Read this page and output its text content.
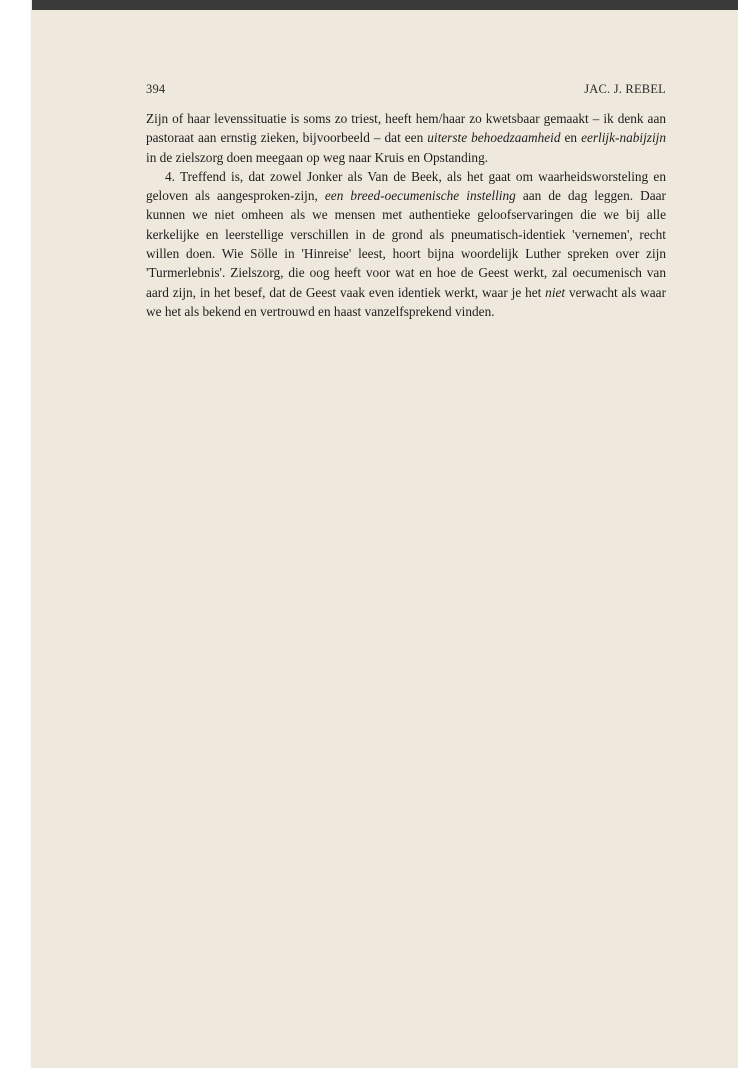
394	JAC. J. REBEL

Zijn of haar levenssituatie is soms zo triest, heeft hem/haar zo kwetsbaar gemaakt – ik denk aan pastoraat aan ernstig zieken, bijvoorbeeld – dat een uiterste behoedzaamheid en eerlijk-nabijzijn in de zielszorg doen meegaan op weg naar Kruis en Opstanding.

4. Treffend is, dat zowel Jonker als Van de Beek, als het gaat om waarheidsworsteling en geloven als aangesproken-zijn, een breed-oecumenische instelling aan de dag leggen. Daar kunnen we niet omheen als we mensen met authentieke geloofservaringen die we bij alle kerkelijke en leerstellige verschillen in de grond als pneumatisch-identiek 'vernemen', recht willen doen. Wie Sölle in 'Hinreise' leest, hoort bijna woordelijk Luther spreken over zijn 'Turmerlebnis'. Zielszorg, die oog heeft voor wat en hoe de Geest werkt, zal oecumenisch van aard zijn, in het besef, dat de Geest vaak even identiek werkt, waar je het niet verwacht als waar we het als bekend en vertrouwd en haast vanzelfsprekend vinden.
